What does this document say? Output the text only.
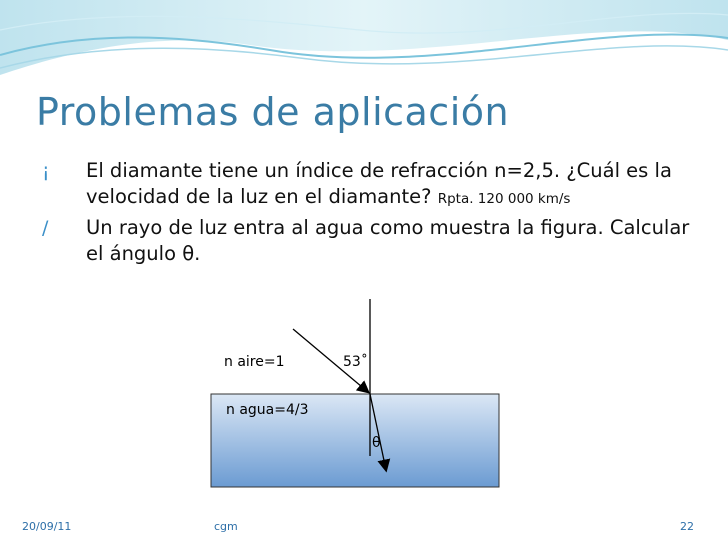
Problemas de aplicación
¡ El diamante tiene un índice de refracción n=2,5. ¿Cuál es la velocidad de la luz en el diamante? Rpta. 120 000 km/s
/ Un rayo de luz entra al agua como muestra la figura. Calcular el ángulo θ.
n aire=1	53˚
n agua=4/3
θ
20/09/11	cgm	22
